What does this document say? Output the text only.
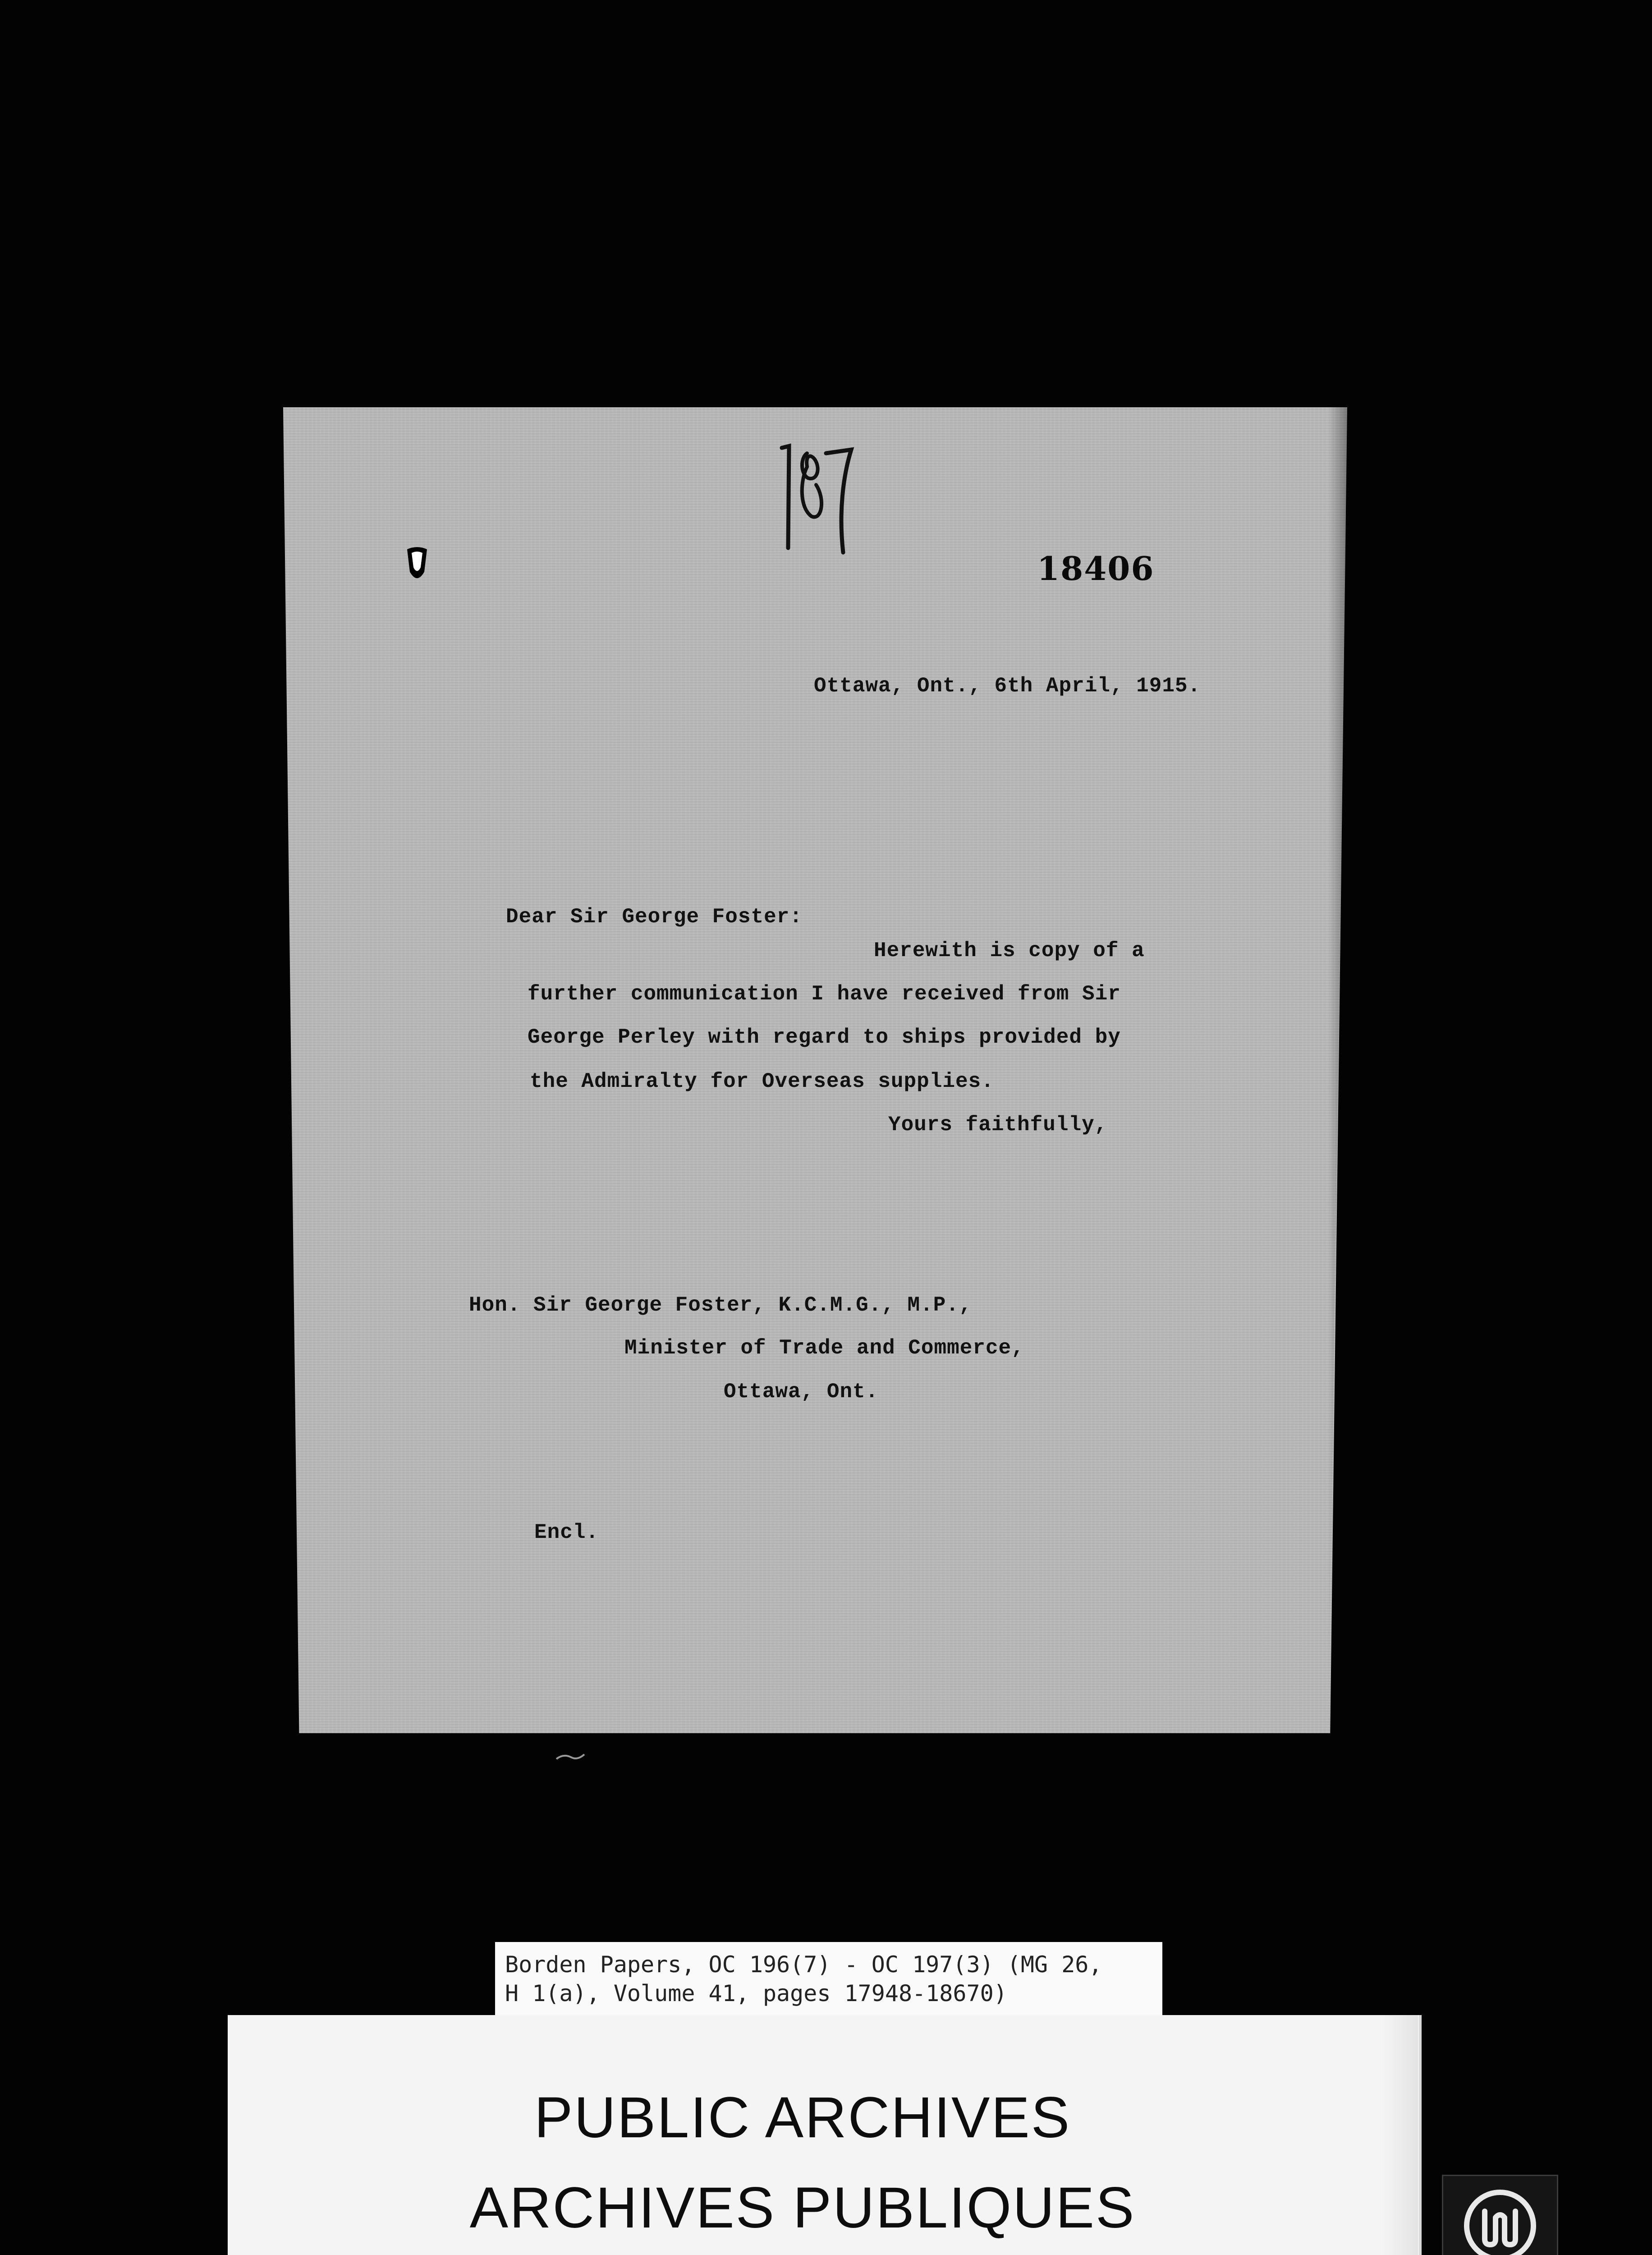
18406
Ottawa, Ont., 6th April, 1915.
Dear Sir George Foster:
Herewith is copy of a
further communication I have received from Sir
George Perley with regard to ships provided by
the Admiralty for Overseas supplies.
Yours faithfully,
Hon. Sir George Foster, K.C.M.G., M.P.,
Minister of Trade and Commerce,
Ottawa, Ont.
Encl.
Borden Papers, OC 196(7) - OC 197(3) (MG 26,
H 1(a), Volume 41, pages 17948-18670)
PUBLIC ARCHIVES
ARCHIVES PUBLIQUES
